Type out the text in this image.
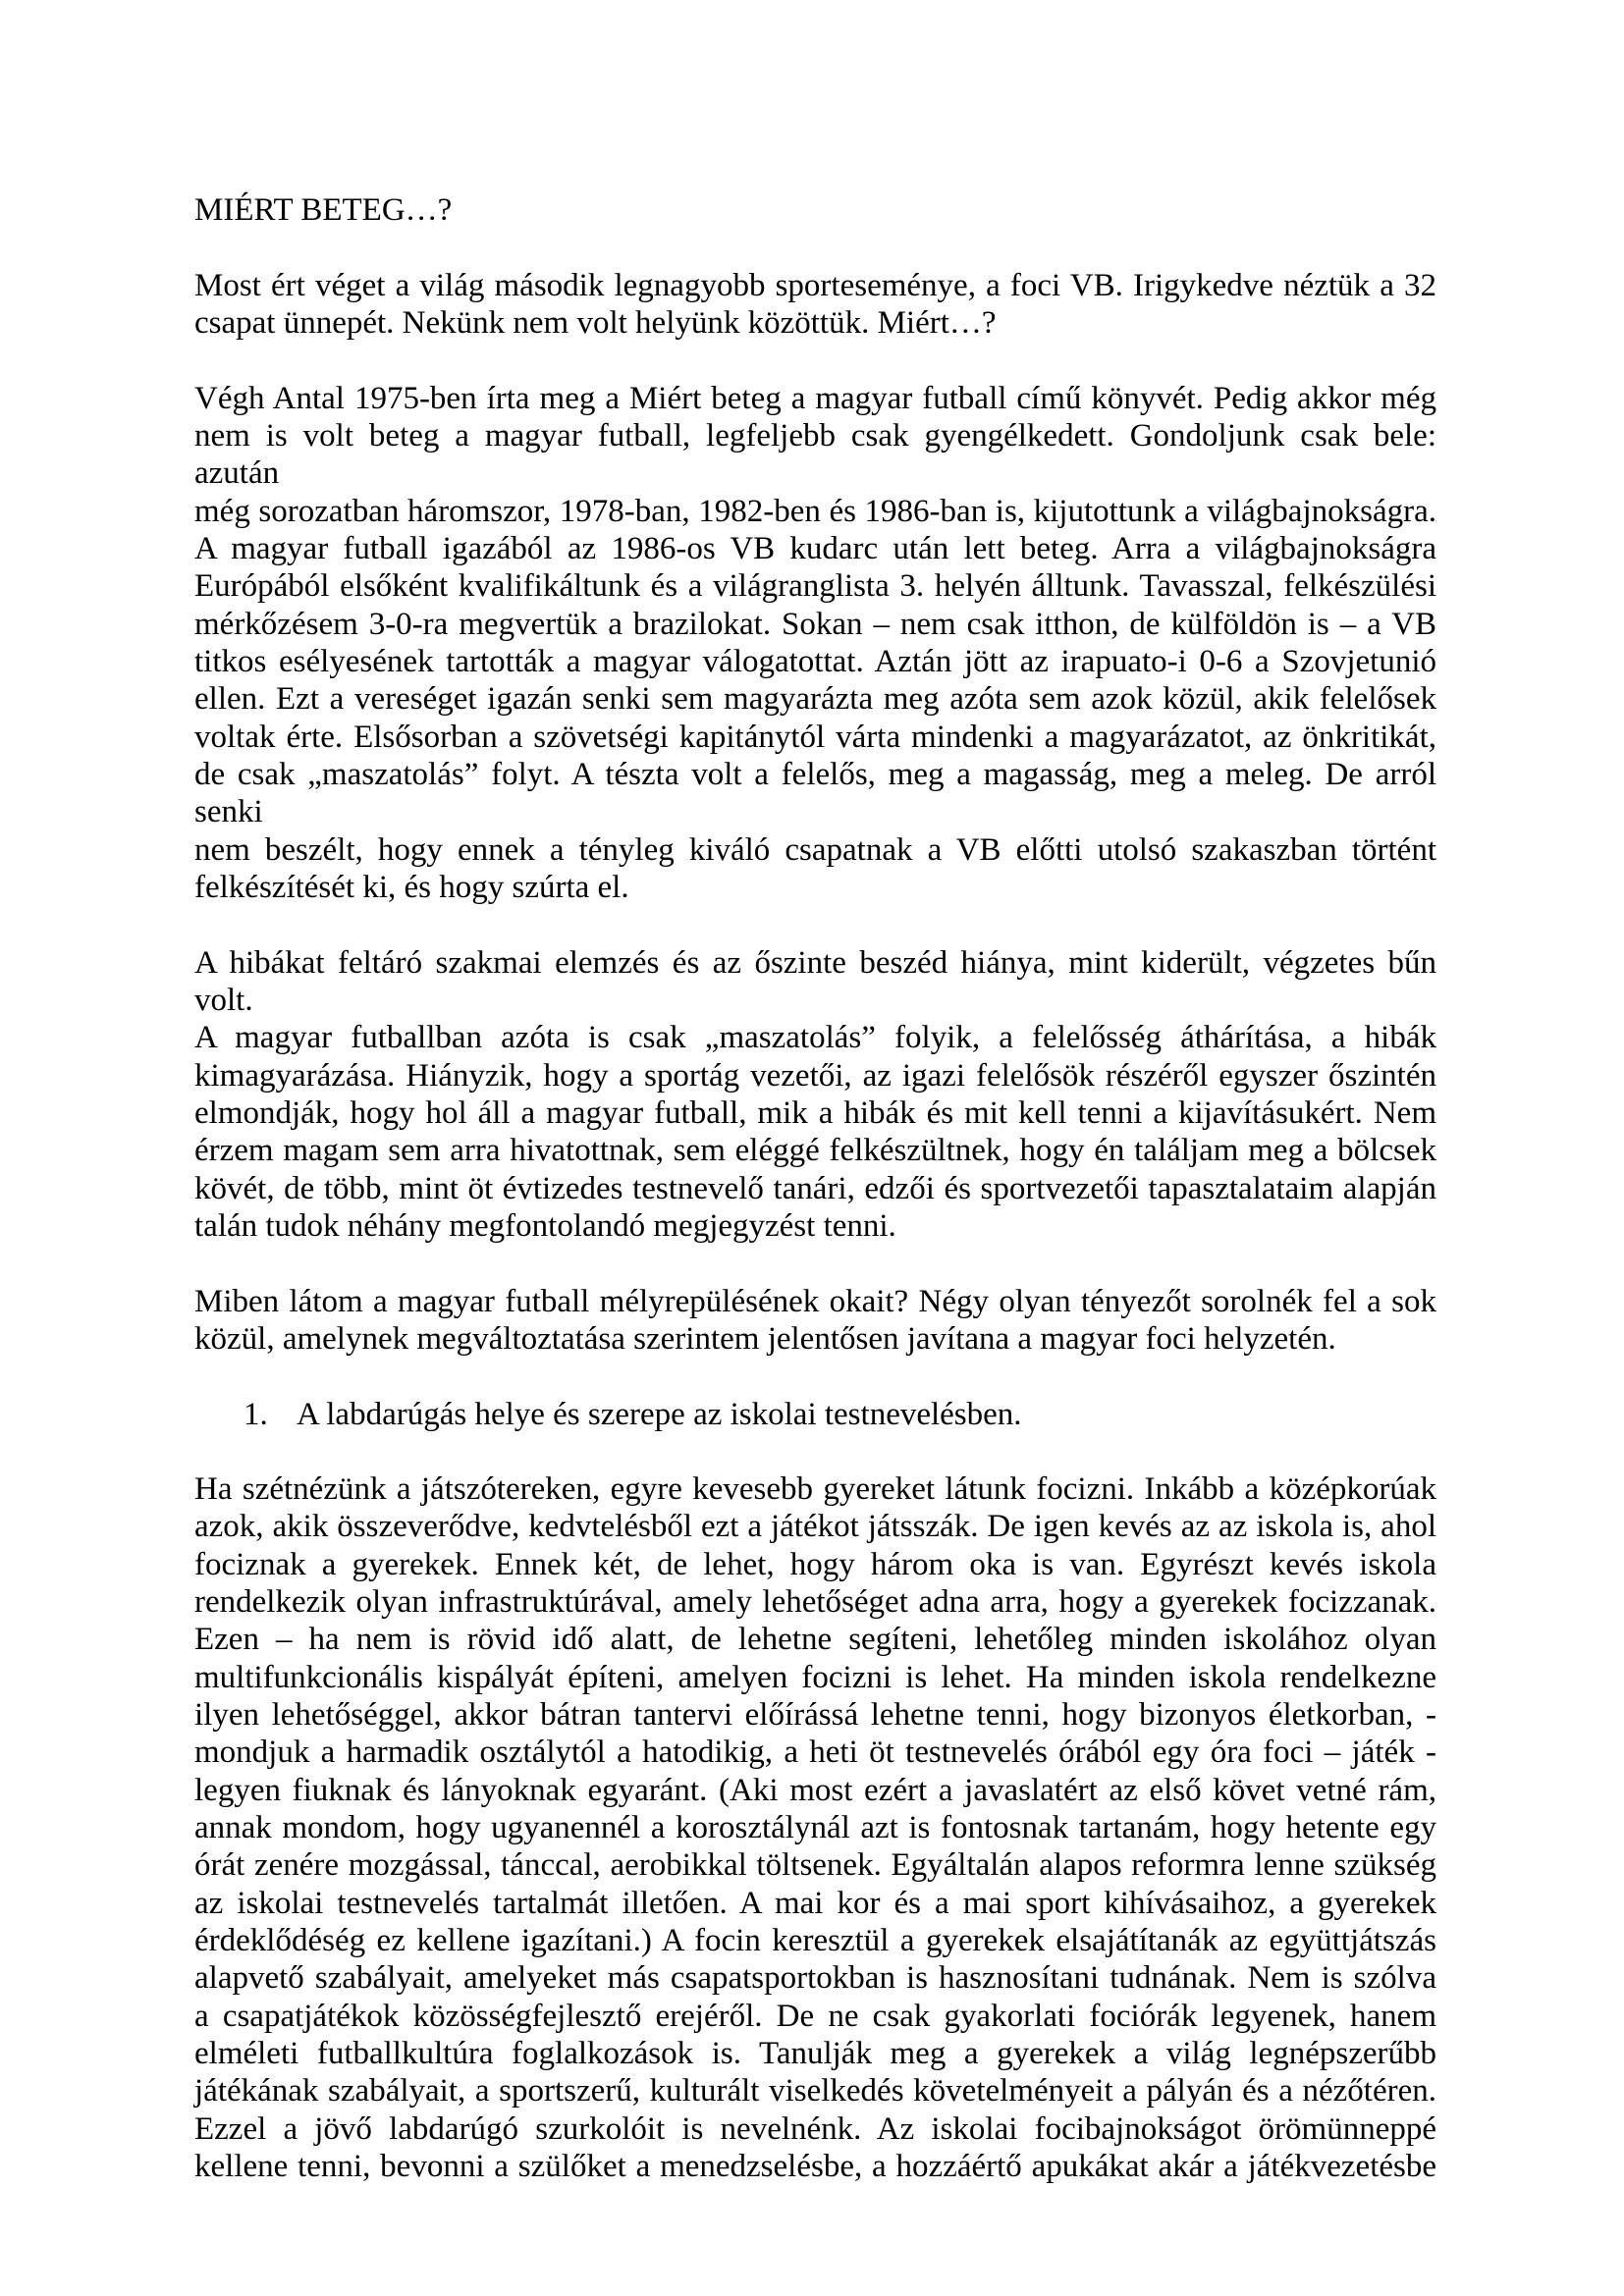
MIÉRT BETEG…?
Most ért véget a világ második legnagyobb sporteseménye, a foci VB. Irigykedve néztük a 32
csapat ünnepét. Nekünk nem volt helyünk közöttük. Miért…?
Végh Antal 1975-ben írta meg a Miért beteg a magyar futball című könyvét. Pedig akkor még
nem is volt beteg a magyar futball, legfeljebb csak gyengélkedett. Gondoljunk csak bele: azután
még sorozatban háromszor, 1978-ban, 1982-ben és 1986-ban is, kijutottunk a világbajnokságra.
A magyar futball igazából az 1986-os VB kudarc után lett beteg. Arra a világbajnokságra
Európából elsőként kvalifikáltunk és a világranglista 3. helyén álltunk. Tavasszal, felkészülési
mérkőzésem 3-0-ra megvertük a brazilokat. Sokan – nem csak itthon, de külföldön is – a VB
titkos esélyesének tartották a magyar válogatottat. Aztán jött az irapuato-i 0-6 a Szovjetunió
ellen. Ezt a vereséget igazán senki sem magyarázta meg azóta sem azok közül, akik felelősek
voltak érte. Elsősorban a szövetségi kapitánytól várta mindenki a magyarázatot, az önkritikát,
de csak „maszatolás” folyt. A tészta volt a felelős, meg a magasság, meg a meleg. De arról senki
nem beszélt, hogy ennek a tényleg kiváló csapatnak a VB előtti utolsó szakaszban történt
felkészítését ki, és hogy szúrta el.
A hibákat feltáró szakmai elemzés és az őszinte beszéd hiánya, mint kiderült, végzetes bűn volt.
A magyar futballban azóta is csak „maszatolás” folyik, a felelősség áthárítása, a hibák
kimagyarázása. Hiányzik, hogy a sportág vezetői, az igazi felelősök részéről egyszer őszintén
elmondják, hogy hol áll a magyar futball, mik a hibák és mit kell tenni a kijavításukért. Nem
érzem magam sem arra hivatottnak, sem eléggé felkészültnek, hogy én találjam meg a bölcsek
kövét, de több, mint öt évtizedes testnevelő tanári, edzői és sportvezetői tapasztalataim alapján
talán tudok néhány megfontolandó megjegyzést tenni.
Miben látom a magyar futball mélyrepülésének okait? Négy olyan tényezőt sorolnék fel a sok
közül, amelynek megváltoztatása szerintem jelentősen javítana a magyar foci helyzetén.
1. A labdarúgás helye és szerepe az iskolai testnevelésben.
Ha szétnézünk a játszótereken, egyre kevesebb gyereket látunk focizni. Inkább a középkorúak
azok, akik összeverődve, kedvtelésből ezt a játékot játsszák. De igen kevés az az iskola is, ahol
fociznak a gyerekek. Ennek két, de lehet, hogy három oka is van. Egyrészt kevés iskola
rendelkezik olyan infrastruktúrával, amely lehetőséget adna arra, hogy a gyerekek focizzanak.
Ezen – ha nem is rövid idő alatt, de lehetne segíteni, lehetőleg minden iskolához olyan
multifunkcionális kispályát építeni, amelyen focizni is lehet. Ha minden iskola rendelkezne
ilyen lehetőséggel, akkor bátran tantervi előírássá lehetne tenni, hogy bizonyos életkorban, -
mondjuk a harmadik osztálytól a hatodikig, a heti öt testnevelés órából egy óra foci – játék -
legyen fiuknak és lányoknak egyaránt. (Aki most ezért a javaslatért az első követ vetné rám,
annak mondom, hogy ugyanennél a korosztálynál azt is fontosnak tartanám, hogy hetente egy
órát zenére mozgással, tánccal, aerobikkal töltsenek. Egyáltalán alapos reformra lenne szükség
az iskolai testnevelés tartalmát illetően. A mai kor és a mai sport kihívásaihoz, a gyerekek
érdeklődéség ez kellene igazítani.) A focin keresztül a gyerekek elsajátítanák az együttjátszás
alapvető szabályait, amelyeket más csapatsportokban is hasznosítani tudnának. Nem is szólva
a csapatjátékok közösségfejlesztő erejéről. De ne csak gyakorlati fociórák legyenek, hanem
elméleti futballkultúra foglalkozások is. Tanulják meg a gyerekek a világ legnépszerűbb
játékának szabályait, a sportszerű, kulturált viselkedés követelményeit a pályán és a nézőtéren.
Ezzel a jövő labdarúgó szurkolóit is nevelnénk. Az iskolai focibajnokságot örömünneppé
kellene tenni, bevonni a szülőket a menedzselésbe, a hozzáértő apukákat akár a játékvezetésbe
